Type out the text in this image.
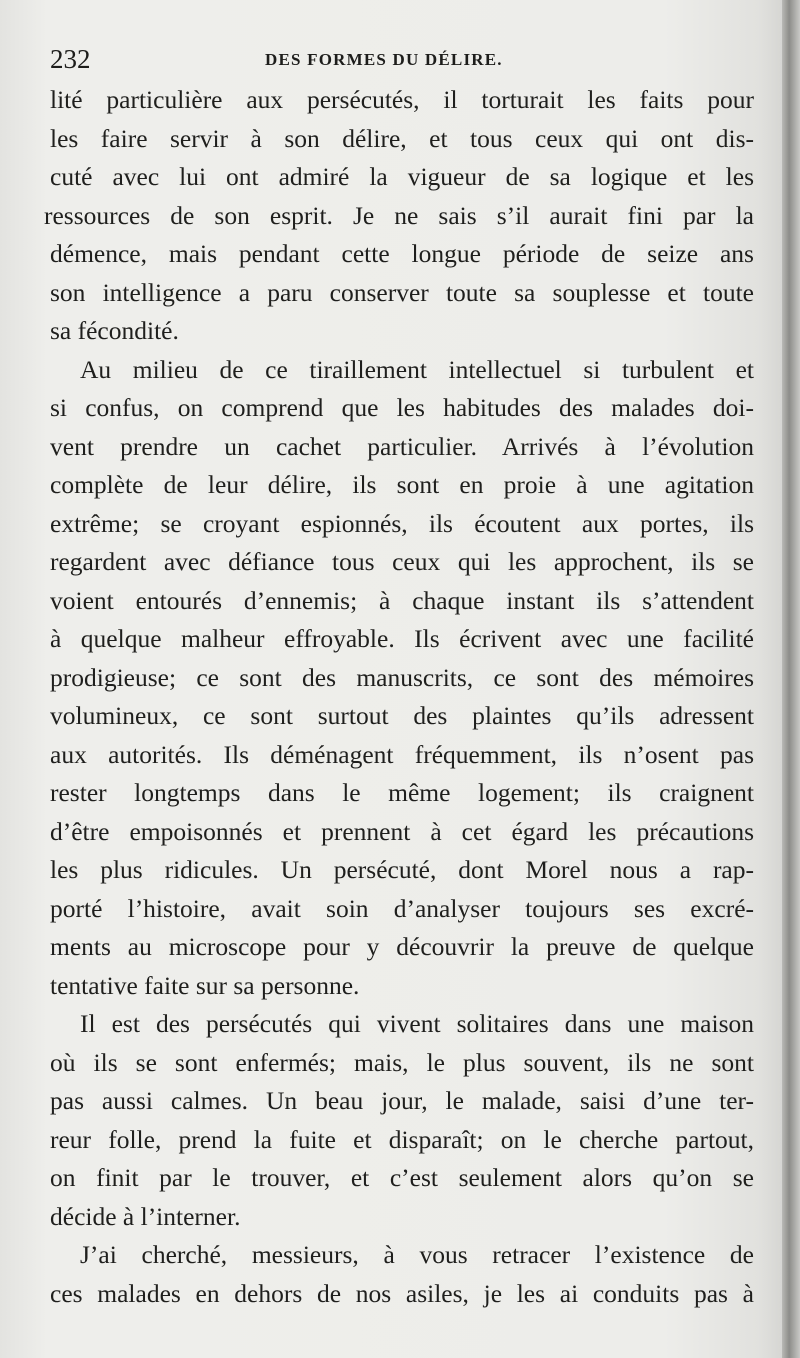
232	DES FORMES DU DÉLIRE.
lité particulière aux persécutés, il torturait les faits pour
les faire servir à son délire, et tous ceux qui ont dis-
cuté avec lui ont admiré la vigueur de sa logique et les
ressources de son esprit. Je ne sais s’il aurait fini par la
démence, mais pendant cette longue période de seize ans
son intelligence a paru conserver toute sa souplesse et toute
sa fécondité.
Au milieu de ce tiraillement intellectuel si turbulent et
si confus, on comprend que les habitudes des malades doi-
vent prendre un cachet particulier. Arrivés à l’évolution
complète de leur délire, ils sont en proie à une agitation
extrême; se croyant espionnés, ils écoutent aux portes, ils
regardent avec défiance tous ceux qui les approchent, ils se
voient entourés d’ennemis; à chaque instant ils s’attendent
à quelque malheur effroyable. Ils écrivent avec une facilité
prodigieuse; ce sont des manuscrits, ce sont des mémoires
volumineux, ce sont surtout des plaintes qu’ils adressent
aux autorités. Ils déménagent fréquemment, ils n’osent pas
rester longtemps dans le même logement; ils craignent
d’être empoisonnés et prennent à cet égard les précautions
les plus ridicules. Un persécuté, dont Morel nous a rap-
porté l’histoire, avait soin d’analyser toujours ses excré-
ments au microscope pour y découvrir la preuve de quelque
tentative faite sur sa personne.
Il est des persécutés qui vivent solitaires dans une maison
où ils se sont enfermés; mais, le plus souvent, ils ne sont
pas aussi calmes. Un beau jour, le malade, saisi d’une ter-
reur folle, prend la fuite et disparaît; on le cherche partout,
on finit par le trouver, et c’est seulement alors qu’on se
décide à l’interner.
J’ai cherché, messieurs, à vous retracer l’existence de
ces malades en dehors de nos asiles, je les ai conduits pas à
